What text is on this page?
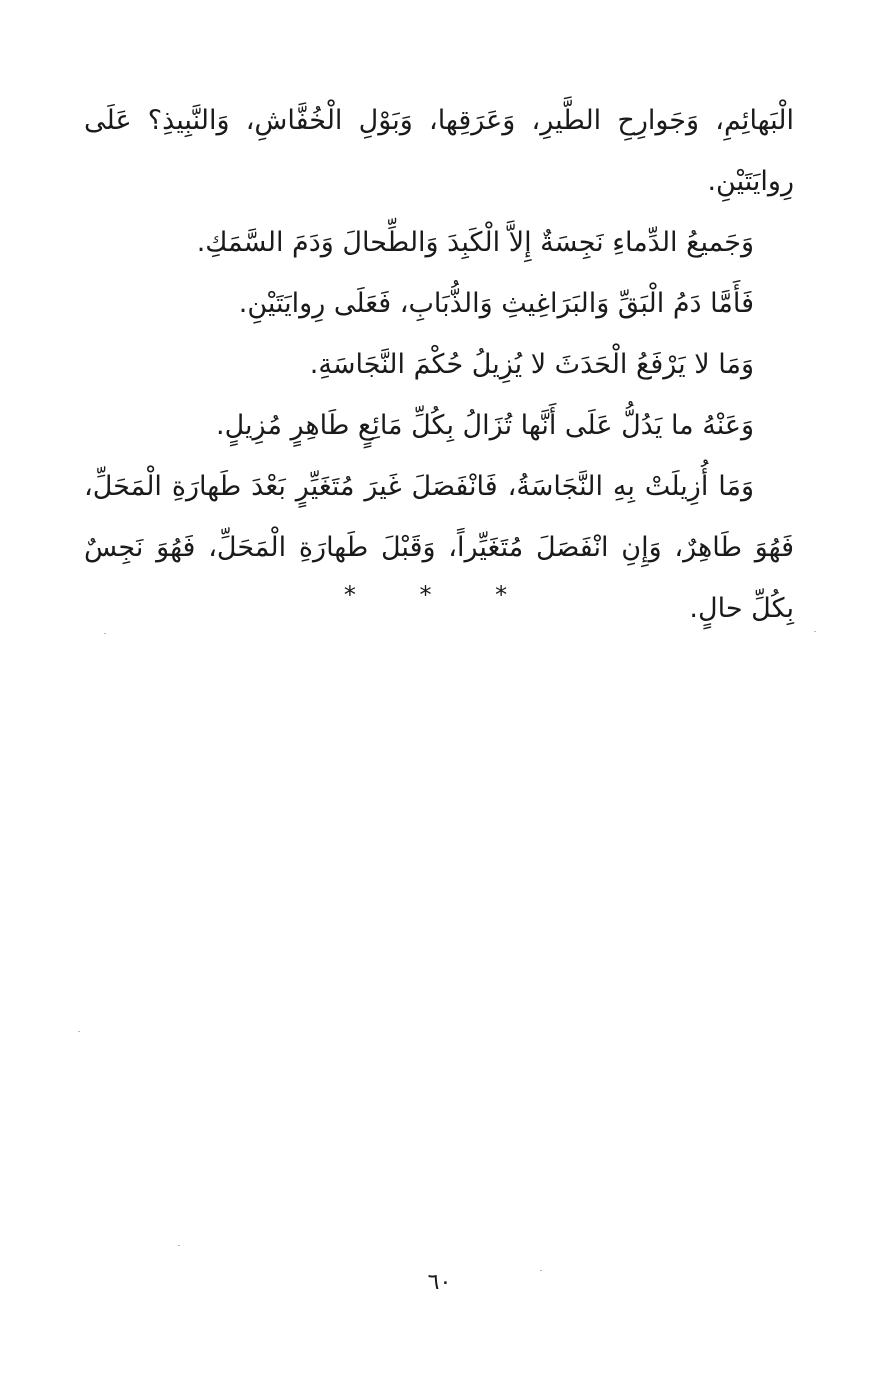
الْبَهائِمِ، وَجَوارِحِ الطَّيرِ، وَعَرَقِها، وَبَوْلِ الْخُفَّاشِ، وَالنَّبِيذِ؟ عَلَى رِوايَتَيْنِ.

وَجَميعُ الدِّماءِ نَجِسَةٌ إِلاَّ الْكَبِدَ وَالطِّحالَ وَدَمَ السَّمَكِ.

فَأَمَّا دَمُ الْبَقِّ وَالبَرَاغِيثِ وَالذُّبَابِ، فَعَلَى رِوايَتَيْنِ.

وَمَا لا يَرْفَعُ الْحَدَثَ لا يُزِيلُ حُكْمَ النَّجَاسَةِ.

وَعَنْهُ ما يَدُلُّ عَلَى أَنَّها تُزَالُ بِكُلِّ مَائِعٍ طَاهِرٍ مُزِيلٍ.

وَمَا أُزِيلَتْ بِهِ النَّجَاسَةُ، فَانْفَصَلَ غَيرَ مُتَغَيِّرٍ بَعْدَ طَهارَةِ الْمَحَلِّ، فَهُوَ طَاهِرٌ، وَإِنِ انْفَصَلَ مُتَغَيِّراً، وَقَبْلَ طَهارَةِ الْمَحَلِّ، فَهُوَ نَجِسٌ بِكُلِّ حالٍ.

* * *
٦٠
